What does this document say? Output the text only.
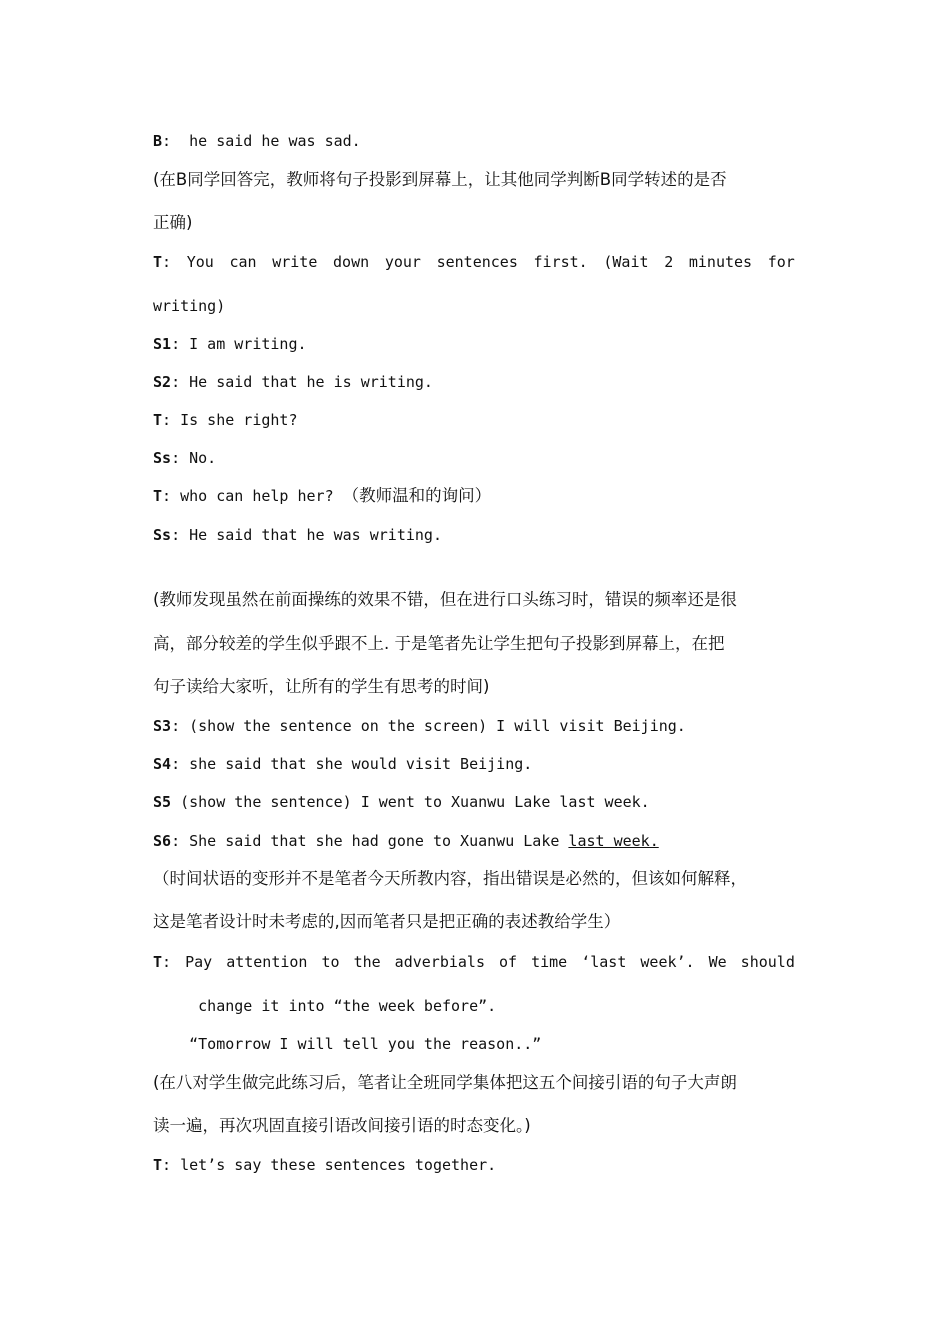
B:  he said he was sad.
(在B同学回答完，教师将句子投影到屏幕上，让其他同学判断B同学转述的是否
正确)
T: You can write down your sentences first. (Wait 2 minutes for
writing)
S1: I am writing.
S2: He said that he is writing.
T: Is she right?
Ss: No.
T: who can help her? （教师温和的询问）
Ss: He said that he was writing.
(教师发现虽然在前面操练的效果不错，但在进行口头练习时，错误的频率还是很
高，部分较差的学生似乎跟不上. 于是笔者先让学生把句子投影到屏幕上，在把
句子读给大家听，让所有的学生有思考的时间)
S3: (show the sentence on the screen) I will visit Beijing.
S4: she said that she would visit Beijing.
S5 (show the sentence) I went to Xuanwu Lake last week.
S6: She said that she had gone to Xuanwu Lake last week.
（时间状语的变形并不是笔者今天所教内容，指出错误是必然的，但该如何解释，
这是笔者设计时未考虑的,因而笔者只是把正确的表述教给学生）
T: Pay attention to the adverbials of time ‘last week’. We should
change it into “the week before”.
“Tomorrow I will tell you the reason..”
(在八对学生做完此练习后，笔者让全班同学集体把这五个间接引语的句子大声朗
读一遍，再次巩固直接引语改间接引语的时态变化。)
T: let’s say these sentences together.
